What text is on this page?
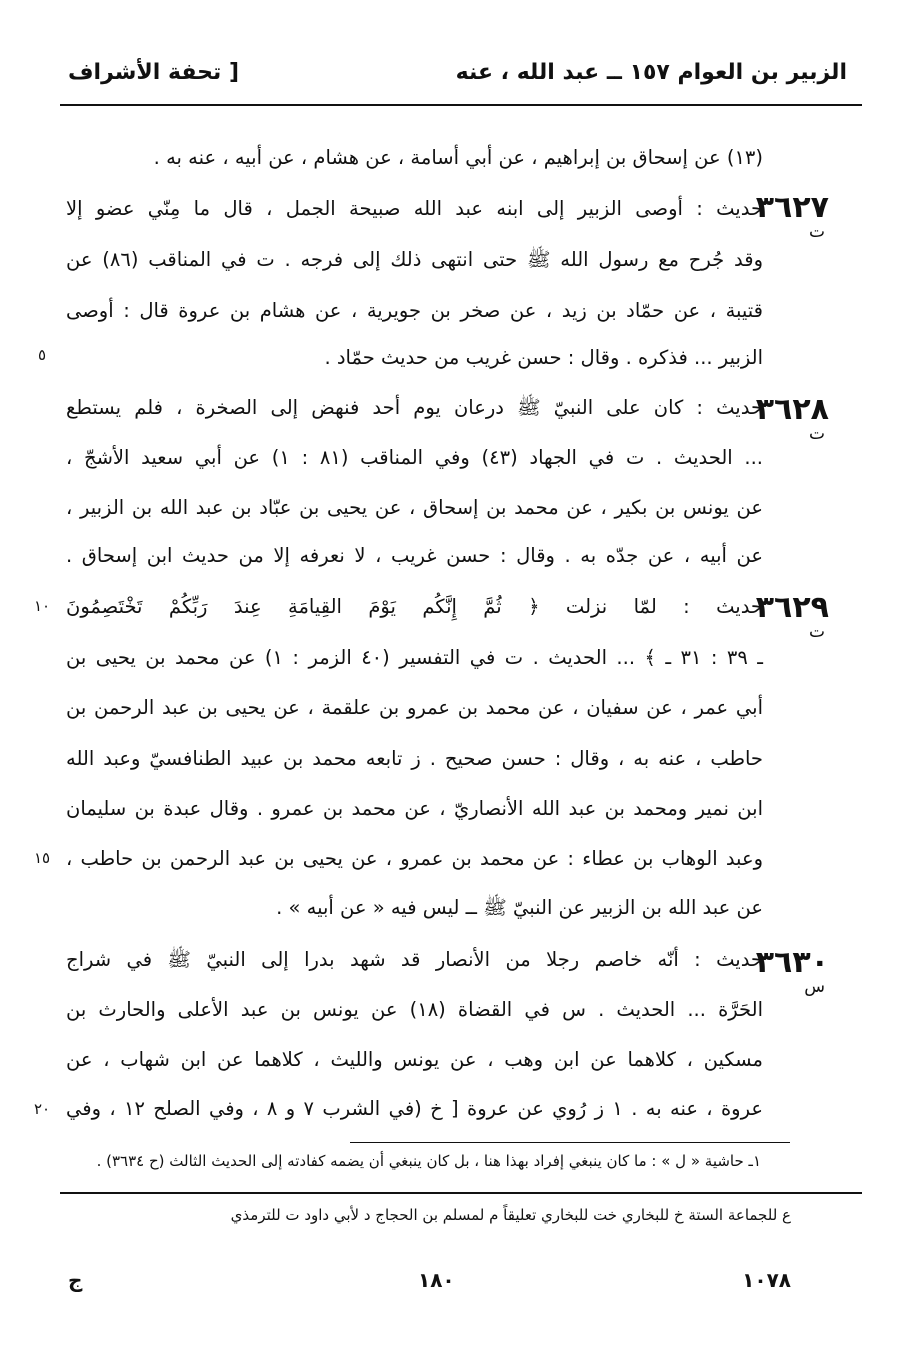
الزبير بن العوام ١٥٧ ــ عبد الله ، عنه
[ تحفة الأشراف
٥
١٠
١٥
٢٠
(١٣) عن إسحاق بن إبراهيم ، عن أبي أسامة ، عن هشام ، عن أبيه ، عنه به .
٣٦٢٧
ت
حديث : أوصى الزبير إلى ابنه عبد الله صبيحة الجمل ، قال ما مِنّي عضو إلا
وقد جُرح مع رسول الله ﷺ حتى انتهى ذلك إلى فرجه . ت في المناقب (٨٦) عن
قتيبة ، عن حمّاد بن زيد ، عن صخر بن جويرية ، عن هشام بن عروة قال : أوصى
الزبير ... فذكره . وقال : حسن غريب من حديث حمّاد .
٣٦٢٨
ت
حديث : كان على النبيّ ﷺ درعان يوم أحد فنهض إلى الصخرة ، فلم يستطع
... الحديث . ت في الجهاد (٤٣) وفي المناقب (٨١ : ١) عن أبي سعيد الأشجّ ،
عن يونس بن بكير ، عن محمد بن إسحاق ، عن يحيى بن عبّاد بن عبد الله بن الزبير ،
عن أبيه ، عن جدّه به . وقال : حسن غريب ، لا نعرفه إلا من حديث ابن إسحاق .
٣٦٢٩
ت
حديث : لمّا نزلت ﴿ ثُمَّ إِنَّكُم يَوْمَ القِيامَةِ عِندَ رَبِّكُمْ تَخْتَصِمُونَ
ـ ٣٩ : ٣١ ـ ﴾ ... الحديث . ت في التفسير (٤٠ الزمر : ١) عن محمد بن يحيى بن
أبي عمر ، عن سفيان ، عن محمد بن عمرو بن علقمة ، عن يحيى بن عبد الرحمن بن
حاطب ، عنه به ، وقال : حسن صحيح . ز تابعه محمد بن عبيد الطنافسيّ وعبد الله
ابن نمير ومحمد بن عبد الله الأنصاريّ ، عن محمد بن عمرو . وقال عبدة بن سليمان
وعبد الوهاب بن عطاء : عن محمد بن عمرو ، عن يحيى بن عبد الرحمن بن حاطب ،
عن عبد الله بن الزبير عن النبيّ ﷺ ــ ليس فيه « عن أبيه » .
٣٦٣٠
س
حديث : أنّه خاصم رجلا من الأنصار قد شهد بدرا إلى النبيّ ﷺ في شراج
الحَرَّة ... الحديث . س في القضاة (١٨) عن يونس بن عبد الأعلى والحارث بن
مسكين ، كلاهما عن ابن وهب ، عن يونس والليث ، كلاهما عن ابن شهاب ، عن
عروة ، عنه به . ١ ز رُوي عن عروة [ خ (في الشرب ٧ و ٨ ، وفي الصلح ١٢ ، وفي
١ـ حاشية « ل » : ما كان ينبغي إفراد بهذا هنا ، بل كان ينبغي أن يضمه كفادته إلى الحديث الثالث (ح ٣٦٣٤) .
ع للجماعة الستة خ للبخاري خت للبخاري تعليقاً م لمسلم بن الحجاج د لأبي داود ت للترمذي
١٠٧٨
١٨٠
ج
